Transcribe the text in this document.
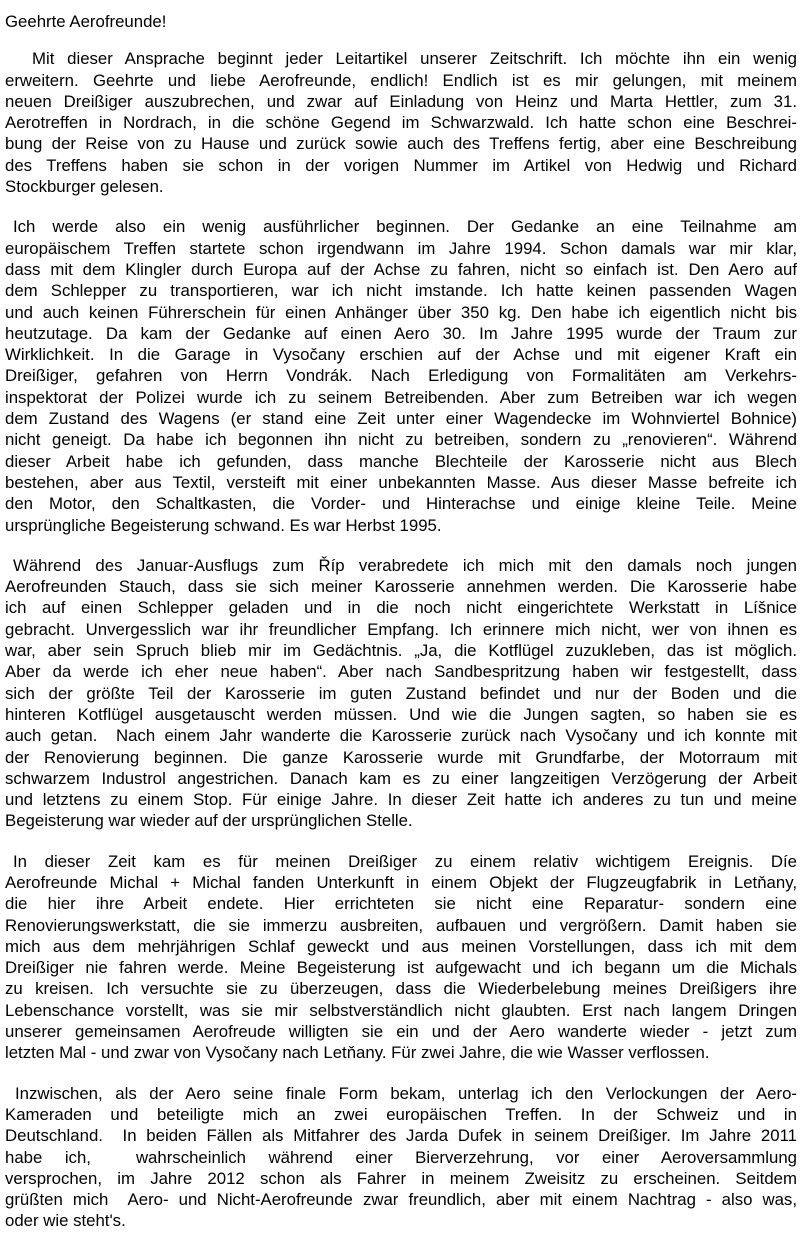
Geehrte Aerofreunde!
Mit dieser Ansprache beginnt jeder Leitartikel unserer Zeitschrift. Ich möchte ihn ein wenig
erweitern. Geehrte und liebe Aerofreunde, endlich! Endlich ist es mir gelungen, mit meinem
neuen Dreißiger auszubrechen, und zwar auf Einladung von Heinz und Marta Hettler, zum 31.
Aerotreffen in Nordrach, in die schöne Gegend im Schwarzwald. Ich hatte schon eine Beschrei-
bung der Reise von zu Hause und zurück sowie auch des Treffens fertig, aber eine Beschreibung
des Treffens haben sie schon in der vorigen Nummer im Artikel von Hedwig und Richard
Stockburger gelesen.
Ich werde also ein wenig ausführlicher beginnen. Der Gedanke an eine Teilnahme am
europäischem Treffen startete schon irgendwann im Jahre 1994. Schon damals war mir klar,
dass mit dem Klingler durch Europa auf der Achse zu fahren, nicht so einfach ist. Den Aero auf
dem Schlepper zu transportieren, war ich nicht imstande. Ich hatte keinen passenden Wagen
und auch keinen Führerschein für einen Anhänger über 350 kg. Den habe ich eigentlich nicht bis
heutzutage. Da kam der Gedanke auf einen Aero 30. Im Jahre 1995 wurde der Traum zur
Wirklichkeit. In die Garage in Vysočany erschien auf der Achse und mit eigener Kraft ein
Dreißiger, gefahren von Herrn Vondrák. Nach Erledigung von Formalitäten am Verkehrs-
inspektorat der Polizei wurde ich zu seinem Betreibenden. Aber zum Betreiben war ich wegen
dem Zustand des Wagens (er stand eine Zeit unter einer Wagendecke im Wohnviertel Bohnice)
nicht geneigt. Da habe ich begonnen ihn nicht zu betreiben, sondern zu „renovieren“. Während
dieser Arbeit habe ich gefunden, dass manche Blechteile der Karosserie nicht aus Blech
bestehen, aber aus Textil, versteift mit einer unbekannten Masse. Aus dieser Masse befreite ich
den Motor, den Schaltkasten, die Vorder- und Hinterachse und einige kleine Teile. Meine
ursprüngliche Begeisterung schwand. Es war Herbst 1995.
Während des Januar-Ausflugs zum Říp verabredete ich mich mit den damals noch jungen
Aerofreunden Stauch, dass sie sich meiner Karosserie annehmen werden. Die Karosserie habe
ich auf einen Schlepper geladen und in die noch nicht eingerichtete Werkstatt in Líšnice
gebracht. Unvergesslich war ihr freundlicher Empfang. Ich erinnere mich nicht, wer von ihnen es
war, aber sein Spruch blieb mir im Gedächtnis. „Ja, die Kotflügel zuzukleben, das ist möglich.
Aber da werde ich eher neue haben“. Aber nach Sandbespritzung haben wir festgestellt, dass
sich der größte Teil der Karosserie im guten Zustand befindet und nur der Boden und die
hinteren Kotflügel ausgetauscht werden müssen. Und wie die Jungen sagten, so haben sie es
auch getan.  Nach einem Jahr wanderte die Karosserie zurück nach Vysočany und ich konnte mit
der Renovierung beginnen. Die ganze Karosserie wurde mit Grundfarbe, der Motorraum mit
schwarzem Industrol angestrichen. Danach kam es zu einer langzeitigen Verzögerung der Arbeit
und letztens zu einem Stop. Für einige Jahre. In dieser Zeit hatte ich anderes zu tun und meine
Begeisterung war wieder auf der ursprünglichen Stelle.
In dieser Zeit kam es für meinen Dreißiger zu einem relativ wichtigem Ereignis. Díe
Aerofreunde Michal + Michal fanden Unterkunft in einem Objekt der Flugzeugfabrik in Letňany,
die hier ihre Arbeit endete. Hier errichteten sie nicht eine Reparatur- sondern eine
Renovierungswerkstatt, die sie immerzu ausbreiten, aufbauen und vergrößern. Damit haben sie
mich aus dem mehrjährigen Schlaf geweckt und aus meinen Vorstellungen, dass ich mit dem
Dreißiger nie fahren werde. Meine Begeisterung ist aufgewacht und ich begann um die Michals
zu kreisen. Ich versuchte sie zu überzeugen, dass die Wiederbelebung meines Dreißigers ihre
Lebenschance vorstellt, was sie mir selbstverständlich nicht glaubten. Erst nach langem Dringen
unserer gemeinsamen Aerofreude willigten sie ein und der Aero wanderte wieder - jetzt zum
letzten Mal - und zwar von Vysočany nach Letňany. Für zwei Jahre, die wie Wasser verflossen.
Inzwischen, als der Aero seine finale Form bekam, unterlag ich den Verlockungen der Aero-
Kameraden und beteiligte mich an zwei europäischen Treffen. In der Schweiz und in
Deutschland.  In beiden Fällen als Mitfahrer des Jarda Dufek in seinem Dreißiger. Im Jahre 2011
habe ich,  wahrscheinlich während einer Bierverzehrung, vor einer Aeroversammlung
versprochen, im Jahre 2012 schon als Fahrer in meinem Zweisitz zu erscheinen. Seitdem
grüßten mich  Aero- und Nicht-Aerofreunde zwar freundlich, aber mit einem Nachtrag - also was,
oder wie steht's.
